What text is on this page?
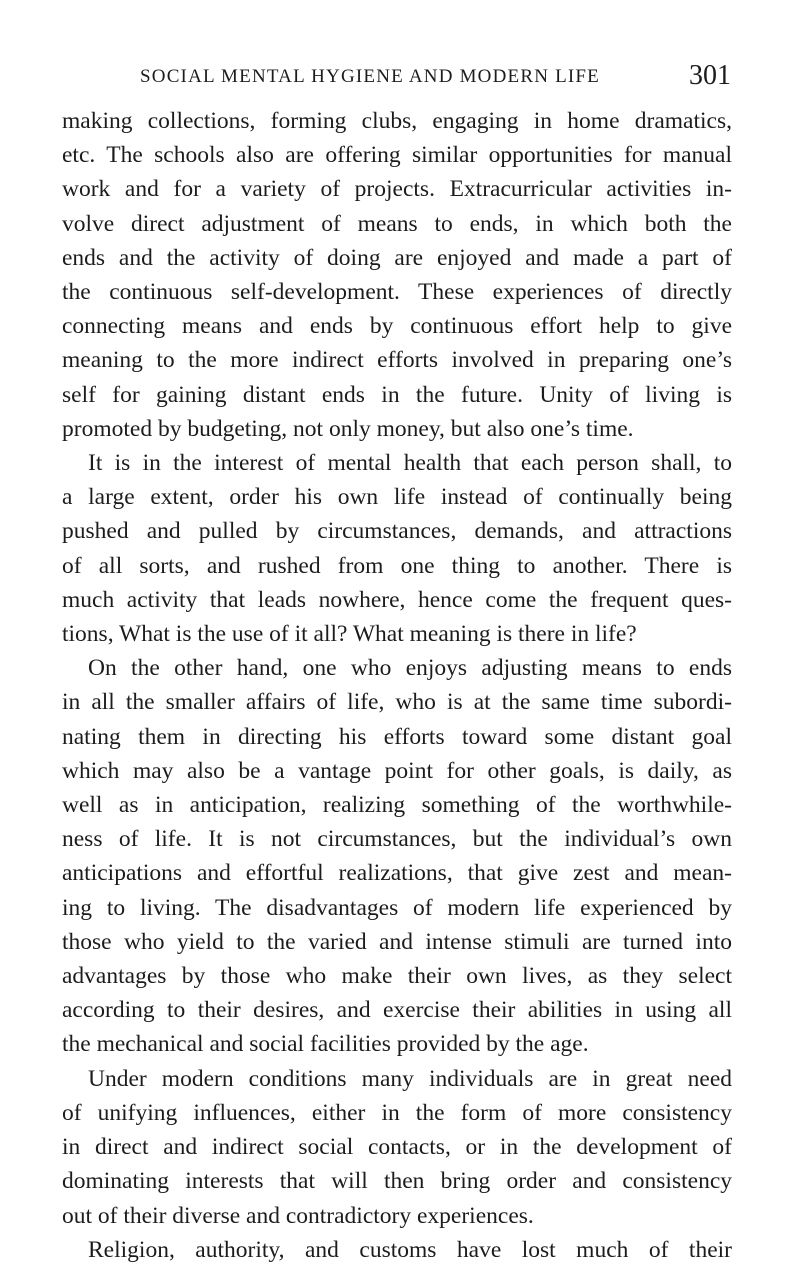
SOCIAL MENTAL HYGIENE AND MODERN LIFE	301
making collections, forming clubs, engaging in home dramatics,
etc. The schools also are offering similar opportunities for manual
work and for a variety of projects. Extracurricular activities in-
volve direct adjustment of means to ends, in which both the
ends and the activity of doing are enjoyed and made a part of
the continuous self-development. These experiences of directly
connecting means and ends by continuous effort help to give
meaning to the more indirect efforts involved in preparing one’s
self for gaining distant ends in the future. Unity of living is
promoted by budgeting, not only money, but also one’s time.
It is in the interest of mental health that each person shall, to
a large extent, order his own life instead of continually being
pushed and pulled by circumstances, demands, and attractions
of all sorts, and rushed from one thing to another. There is
much activity that leads nowhere, hence come the frequent ques-
tions, What is the use of it all? What meaning is there in life?
On the other hand, one who enjoys adjusting means to ends
in all the smaller affairs of life, who is at the same time subordi-
nating them in directing his efforts toward some distant goal
which may also be a vantage point for other goals, is daily, as
well as in anticipation, realizing something of the worthwhile-
ness of life. It is not circumstances, but the individual’s own
anticipations and effortful realizations, that give zest and mean-
ing to living. The disadvantages of modern life experienced by
those who yield to the varied and intense stimuli are turned into
advantages by those who make their own lives, as they select
according to their desires, and exercise their abilities in using all
the mechanical and social facilities provided by the age.
Under modern conditions many individuals are in great need
of unifying influences, either in the form of more consistency
in direct and indirect social contacts, or in the development of
dominating interests that will then bring order and consistency
out of their diverse and contradictory experiences.
Religion, authority, and customs have lost much of their
